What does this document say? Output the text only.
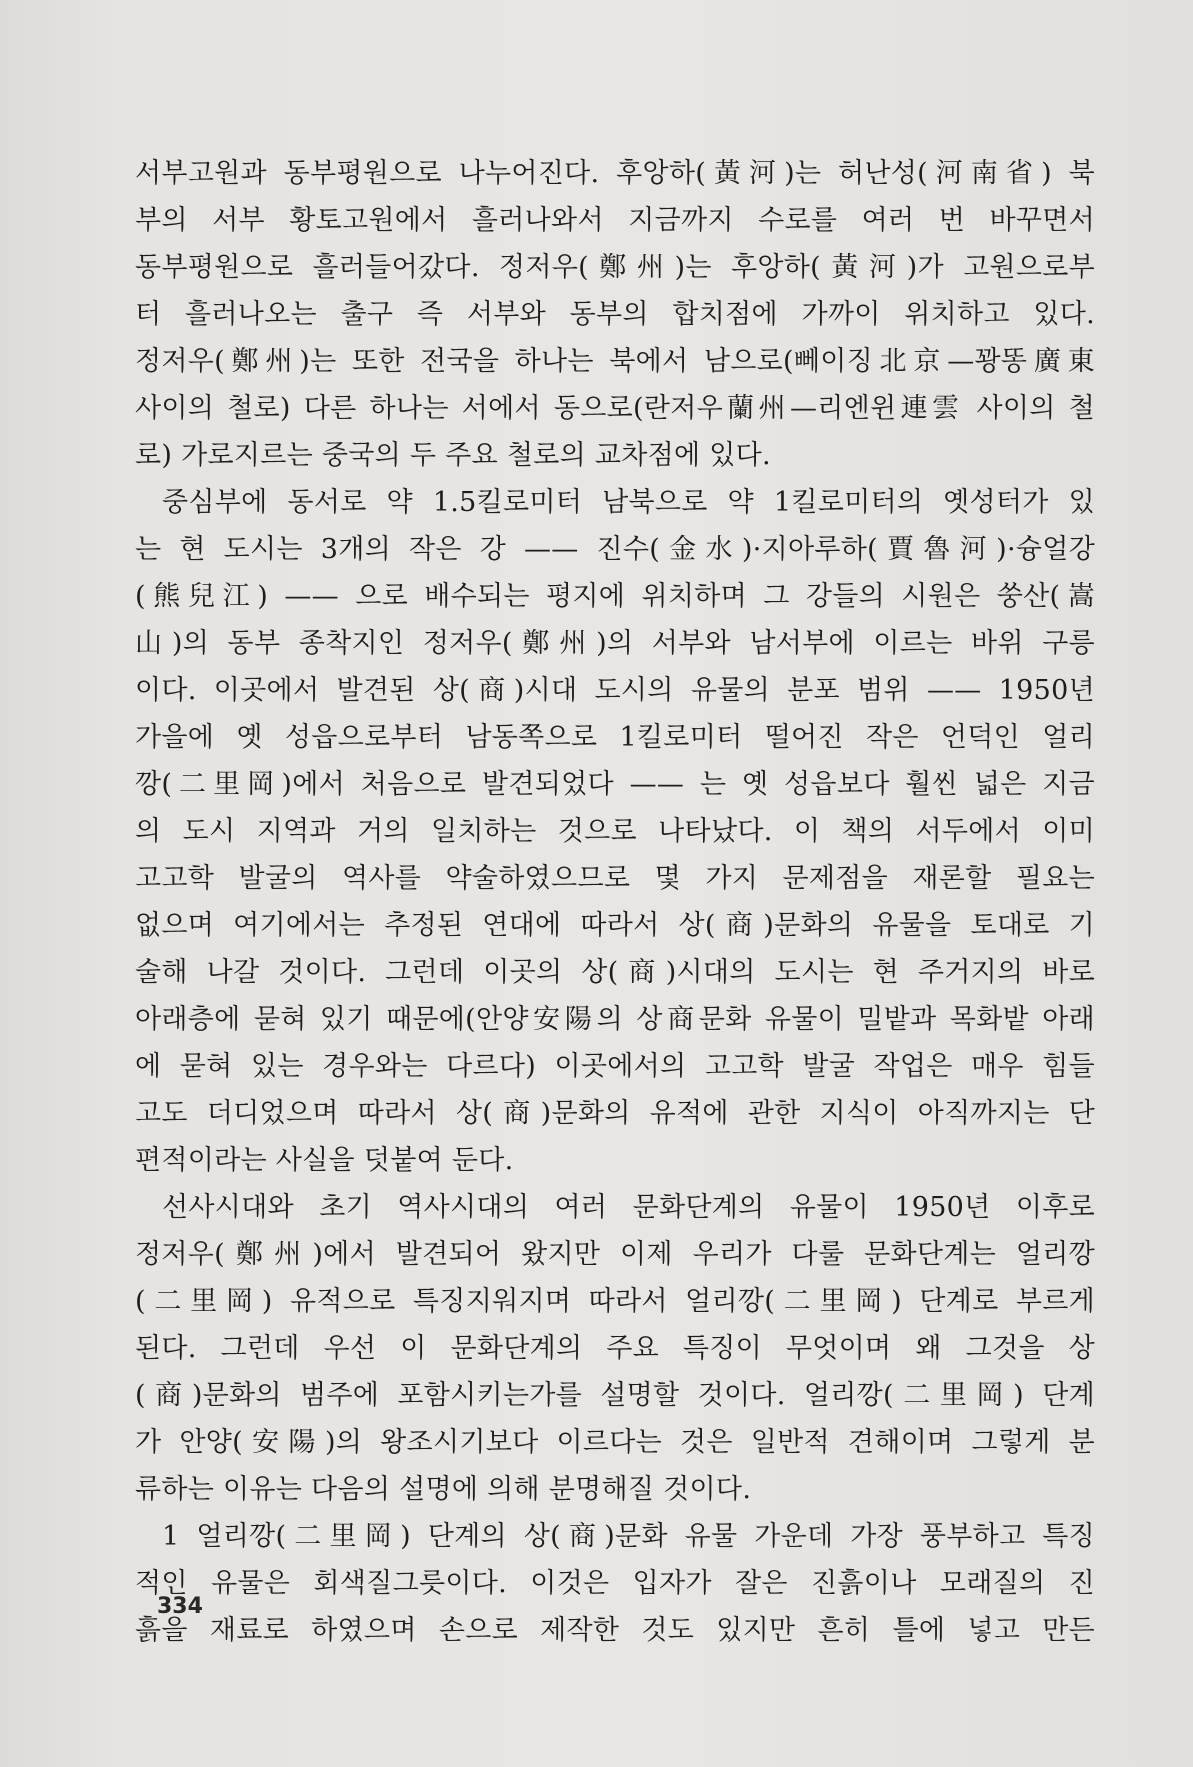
서부고원과 동부평원으로 나누어진다. 후앙하(黃河)는 허난성(河南省) 북
부의 서부 황토고원에서 흘러나와서 지금까지 수로를 여러 번 바꾸면서
동부평원으로 흘러들어갔다. 정저우(鄭州)는 후앙하(黃河)가 고원으로부
터 흘러나오는 출구 즉 서부와 동부의 합치점에 가까이 위치하고 있다.
정저우(鄭州)는 또한 전국을 하나는 북에서 남으로(뻬이징北京—꽝똥廣東
사이의 철로) 다른 하나는 서에서 동으로(란저우蘭州—리엔윈連雲 사이의 철
로) 가로지르는 중국의 두 주요 철로의 교차점에 있다.
중심부에 동서로 약 1.5킬로미터 남북으로 약 1킬로미터의 옛성터가 있
는 현 도시는 3개의 작은 강 —— 진수(金水)·지아루하(賈魯河)·슝얼강
(熊兒江) —— 으로 배수되는 평지에 위치하며 그 강들의 시원은 쑹산(嵩
山)의 동부 종착지인 정저우(鄭州)의 서부와 남서부에 이르는 바위 구릉
이다. 이곳에서 발견된 상(商)시대 도시의 유물의 분포 범위 —— 1950년
가을에 옛 성읍으로부터 남동쪽으로 1킬로미터 떨어진 작은 언덕인 얼리
깡(二里岡)에서 처음으로 발견되었다 —— 는 옛 성읍보다 훨씬 넓은 지금
의 도시 지역과 거의 일치하는 것으로 나타났다. 이 책의 서두에서 이미
고고학 발굴의 역사를 약술하였으므로 몇 가지 문제점을 재론할 필요는
없으며 여기에서는 추정된 연대에 따라서 상(商)문화의 유물을 토대로 기
술해 나갈 것이다. 그런데 이곳의 상(商)시대의 도시는 현 주거지의 바로
아래층에 묻혀 있기 때문에(안양安陽의 상商문화 유물이 밀밭과 목화밭 아래
에 묻혀 있는 경우와는 다르다) 이곳에서의 고고학 발굴 작업은 매우 힘들
고도 더디었으며 따라서 상(商)문화의 유적에 관한 지식이 아직까지는 단
편적이라는 사실을 덧붙여 둔다.
선사시대와 초기 역사시대의 여러 문화단계의 유물이 1950년 이후로
정저우(鄭州)에서 발견되어 왔지만 이제 우리가 다룰 문화단계는 얼리깡
(二里岡) 유적으로 특징지워지며 따라서 얼리깡(二里岡) 단계로 부르게
된다. 그런데 우선 이 문화단계의 주요 특징이 무엇이며 왜 그것을 상
(商)문화의 범주에 포함시키는가를 설명할 것이다. 얼리깡(二里岡) 단계
가 안양(安陽)의 왕조시기보다 이르다는 것은 일반적 견해이며 그렇게 분
류하는 이유는 다음의 설명에 의해 분명해질 것이다.
1 얼리깡(二里岡) 단계의 상(商)문화 유물 가운데 가장 풍부하고 특징
적인 유물은 회색질그릇이다. 이것은 입자가 잘은 진흙이나 모래질의 진
흙을 재료로 하였으며 손으로 제작한 것도 있지만 흔히 틀에 넣고 만든
334
